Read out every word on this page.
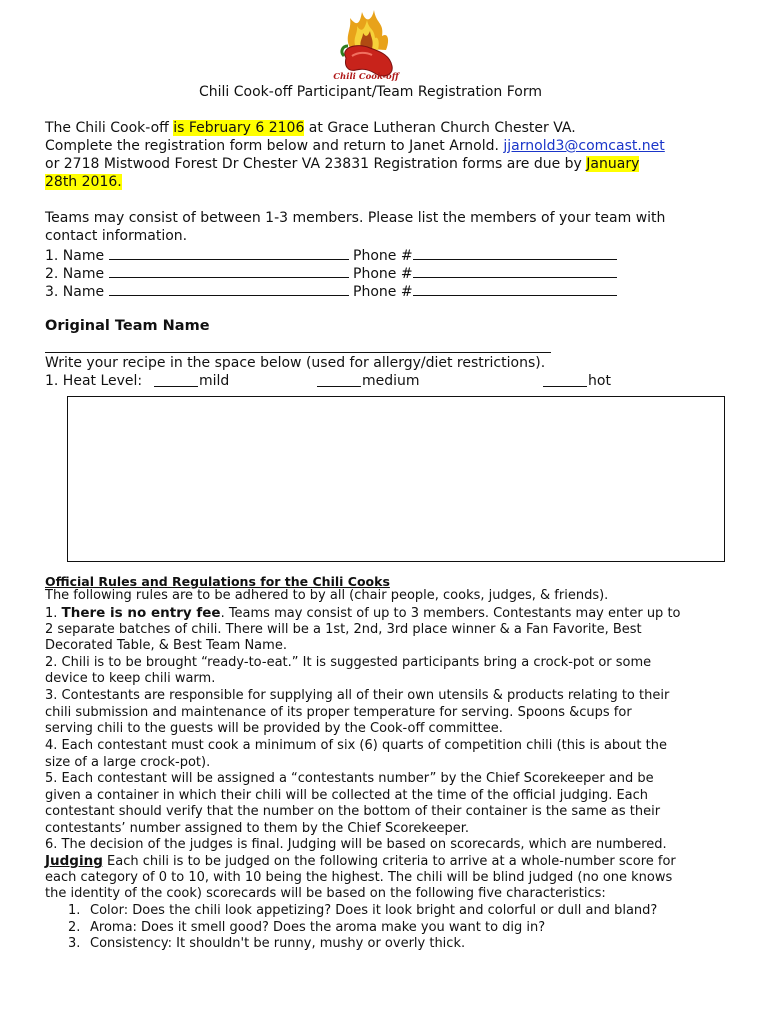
Chili Cook-off
Chili Cook-off Participant/Team Registration Form
The Chili Cook-off is February 6 2106 at Grace Lutheran Church Chester VA.
Complete the registration form below and return to Janet Arnold. jjarnold3@comcast.net
or 2718 Mistwood Forest Dr Chester VA 23831 Registration forms are due by January
28th 2016.
Teams may consist of between 1-3 members. Please list the members of your team with
contact information.
1. Name	Phone #
2. Name	Phone #
3. Name	Phone #
Original Team Name
Write your recipe in the space below (used for allergy/diet restrictions).
1. Heat Level:	mild	medium	hot
Official Rules and Regulations for the Chili Cooks
The following rules are to be adhered to by all (chair people, cooks, judges, & friends).
1. There is no entry fee. Teams may consist of up to 3 members. Contestants may enter up to
2 separate batches of chili. There will be a 1st, 2nd, 3rd place winner & a Fan Favorite, Best
Decorated Table, & Best Team Name.
2. Chili is to be brought “ready-to-eat.” It is suggested participants bring a crock-pot or some
device to keep chili warm.
3. Contestants are responsible for supplying all of their own utensils & products relating to their
chili submission and maintenance of its proper temperature for serving. Spoons &cups for
serving chili to the guests will be provided by the Cook-off committee.
4. Each contestant must cook a minimum of six (6) quarts of competition chili (this is about the
size of a large crock-pot).
5. Each contestant will be assigned a “contestants number” by the Chief Scorekeeper and be
given a container in which their chili will be collected at the time of the official judging. Each
contestant should verify that the number on the bottom of their container is the same as their
contestants’ number assigned to them by the Chief Scorekeeper.
6. The decision of the judges is final. Judging will be based on scorecards, which are numbered.
Judging Each chili is to be judged on the following criteria to arrive at a whole-number score for
each category of 0 to 10, with 10 being the highest. The chili will be blind judged (no one knows
the identity of the cook) scorecards will be based on the following five characteristics:
1. Color: Does the chili look appetizing? Does it look bright and colorful or dull and bland?
2. Aroma: Does it smell good? Does the aroma make you want to dig in?
3. Consistency: It shouldn't be runny, mushy or overly thick.
